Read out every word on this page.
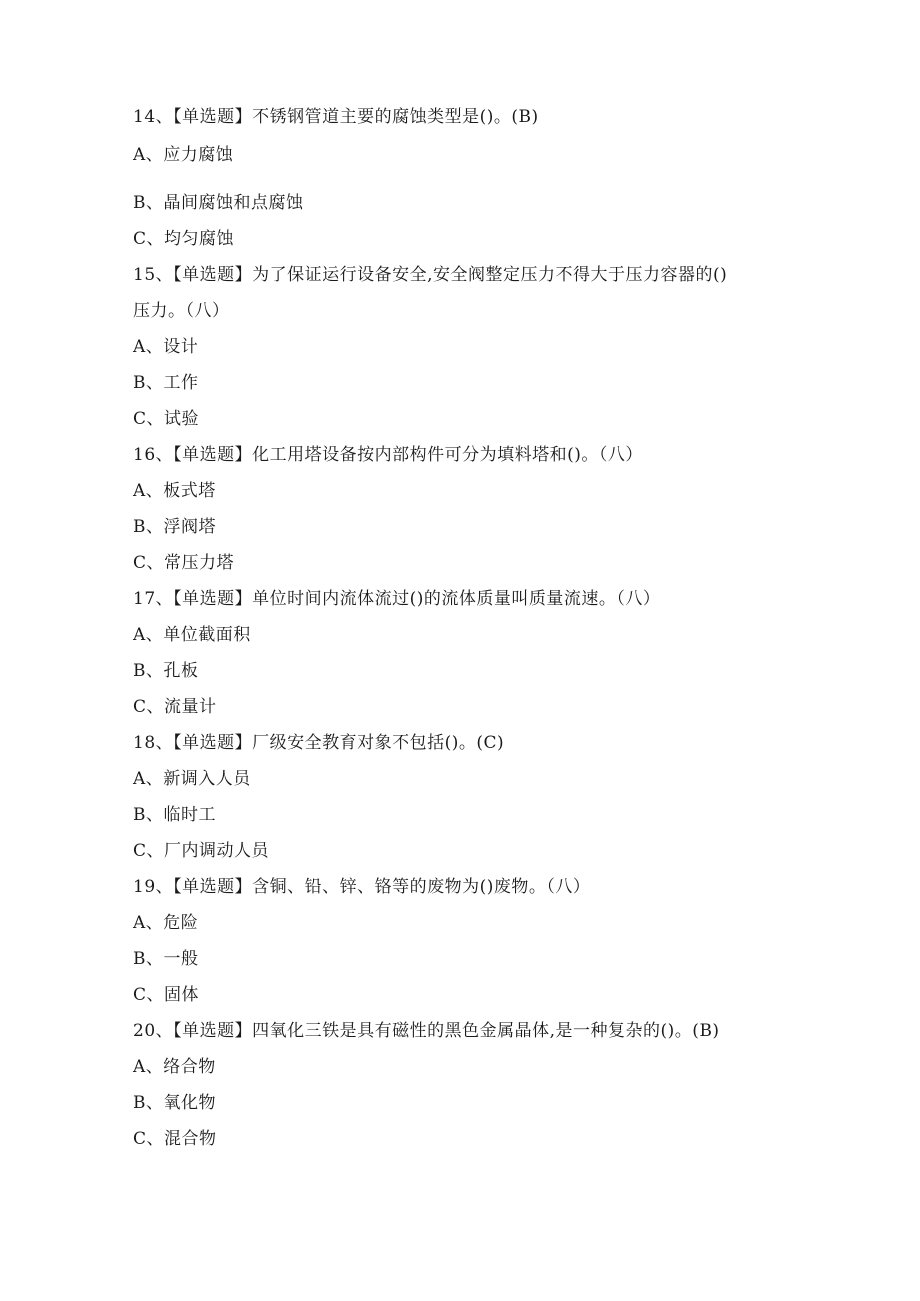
14、【单选题】不锈钢管道主要的腐蚀类型是()。(B)
A、应力腐蚀
B、晶间腐蚀和点腐蚀
C、均匀腐蚀
15、【单选题】为了保证运行设备安全,安全阀整定压力不得大于压力容器的()
压力。（八）
A、设计
B、工作
C、试验
16、【单选题】化工用塔设备按内部构件可分为填料塔和()。（八）
A、板式塔
B、浮阀塔
C、常压力塔
17、【单选题】单位时间内流体流过()的流体质量叫质量流速。（八）
A、单位截面积
B、孔板
C、流量计
18、【单选题】厂级安全教育对象不包括()。(C)
A、新调入人员
B、临时工
C、厂内调动人员
19、【单选题】含铜、铅、锌、铬等的废物为()废物。（八）
A、危险
B、一般
C、固体
20、【单选题】四氧化三铁是具有磁性的黑色金属晶体,是一种复杂的()。(B)
A、络合物
B、氧化物
C、混合物
